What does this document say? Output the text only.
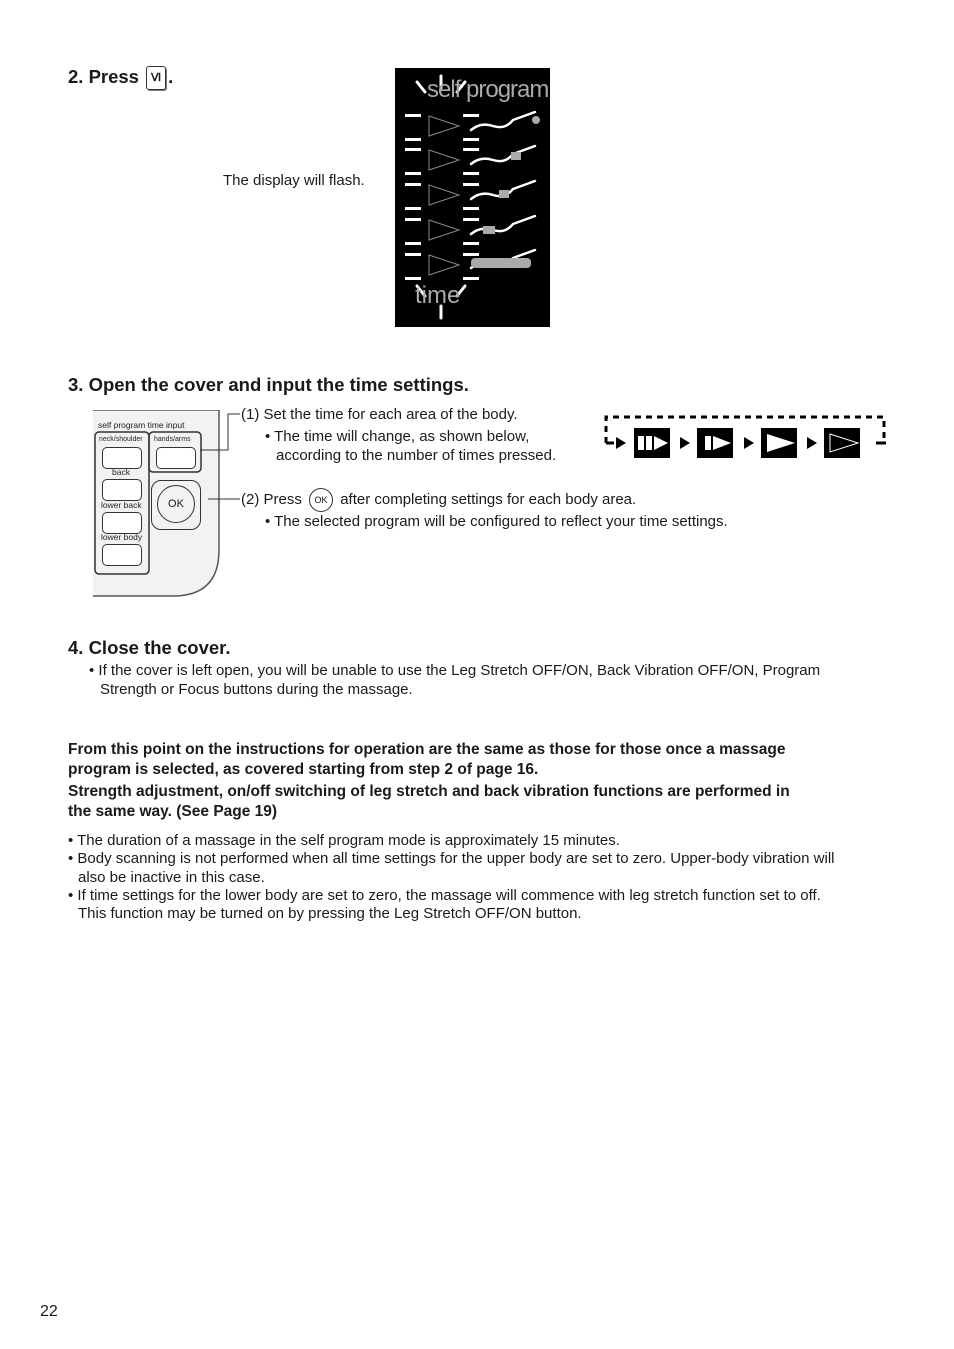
2. Press Ⅵ .
The display will flash.
self program
time
3. Open the cover and input the time settings.
self program time input
neck/shoulder hands/arms
back
lower back
lower body
OK
(1) Set the time for each area of the body.
• The time will change, as shown below,
according to the number of times pressed.
(2) Press OK after completing settings for each body area.
• The selected program will be configured to reflect your time settings.
4. Close the cover.
• If the cover is left open, you will be unable to use the Leg Stretch OFF/ON, Back Vibration OFF/ON, Program
Strength or Focus buttons during the massage.
From this point on the instructions for operation are the same as those for those once a massage
program is selected, as covered starting from step 2 of page 16.
Strength adjustment, on/off switching of leg stretch and back vibration functions are performed in
the same way. (See Page 19)
• The duration of a massage in the self program mode is approximately 15 minutes.
• Body scanning is not performed when all time settings for the upper body are set to zero. Upper-body vibration will
also be inactive in this case.
• If time settings for the lower body are set to zero, the massage will commence with leg stretch function set to off.
This function may be turned on by pressing the Leg Stretch OFF/ON button.
22
